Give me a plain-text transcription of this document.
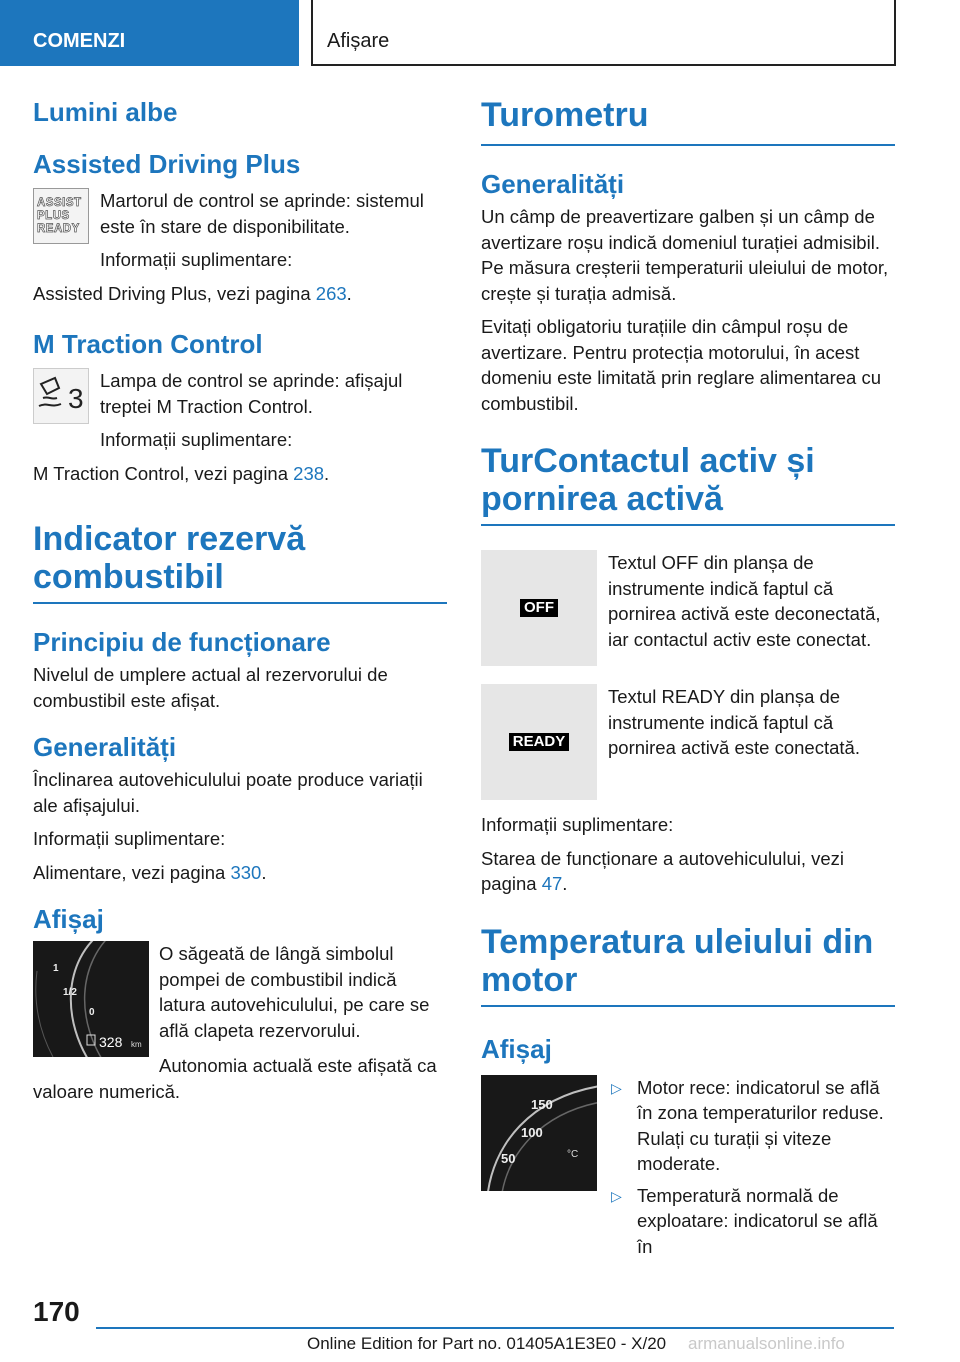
COMENZI	Afișare
Lumini albe
Assisted Driving Plus
ASSIST
PLUS
READY
Martorul de control se aprinde: sistemul este în stare de disponibilitate.
Informații suplimentare:
Assisted Driving Plus, vezi pagina 263.
M Traction Control
3
Lampa de control se aprinde: afișajul treptei M Traction Control.
Informații suplimentare:
M Traction Control, vezi pagina 238.
Indicator rezervă combustibil
Principiu de funcționare
Nivelul de umplere actual al rezervorului de combustibil este afișat.
Generalități
Înclinarea autovehiculului poate produce variații ale afișajului.
Informații suplimentare:
Alimentare, vezi pagina 330.
Afișaj
1
1/2
0
328 km
O săgeată de lângă simbolul pompei de combustibil indică latura autovehiculului, pe care se află clapeta rezervorului.
Autonomia actuală este afișată ca valoare numerică.
Turometru
Generalități
Un câmp de preavertizare galben și un câmp de avertizare roșu indică domeniul turației admisibil. Pe măsura creșterii temperaturii uleiului de motor, crește și turația admisă.
Evitați obligatoriu turațiile din câmpul roșu de avertizare. Pentru protecția motorului, în acest domeniu este limitată prin reglare alimentarea cu combustibil.
TurContactul activ și pornirea activă
OFF
Textul OFF din planșa de instrumente indică faptul că pornirea activă este deconectată, iar contactul activ este conectat.
READY
Textul READY din planșa de instrumente indică faptul că pornirea activă este conectată.
Informații suplimentare:
Starea de funcționare a autovehiculului, vezi pagina 47.
Temperatura uleiului din motor
Afișaj
150
100
50	°C
▷ Motor rece: indicatorul se află în zona temperaturilor reduse. Rulați cu turații și viteze moderate.
▷ Temperatură normală de exploatare: indicatorul se află în
170
Online Edition for Part no. 01405A1E3E0 - X/20 armanualsonline.info
